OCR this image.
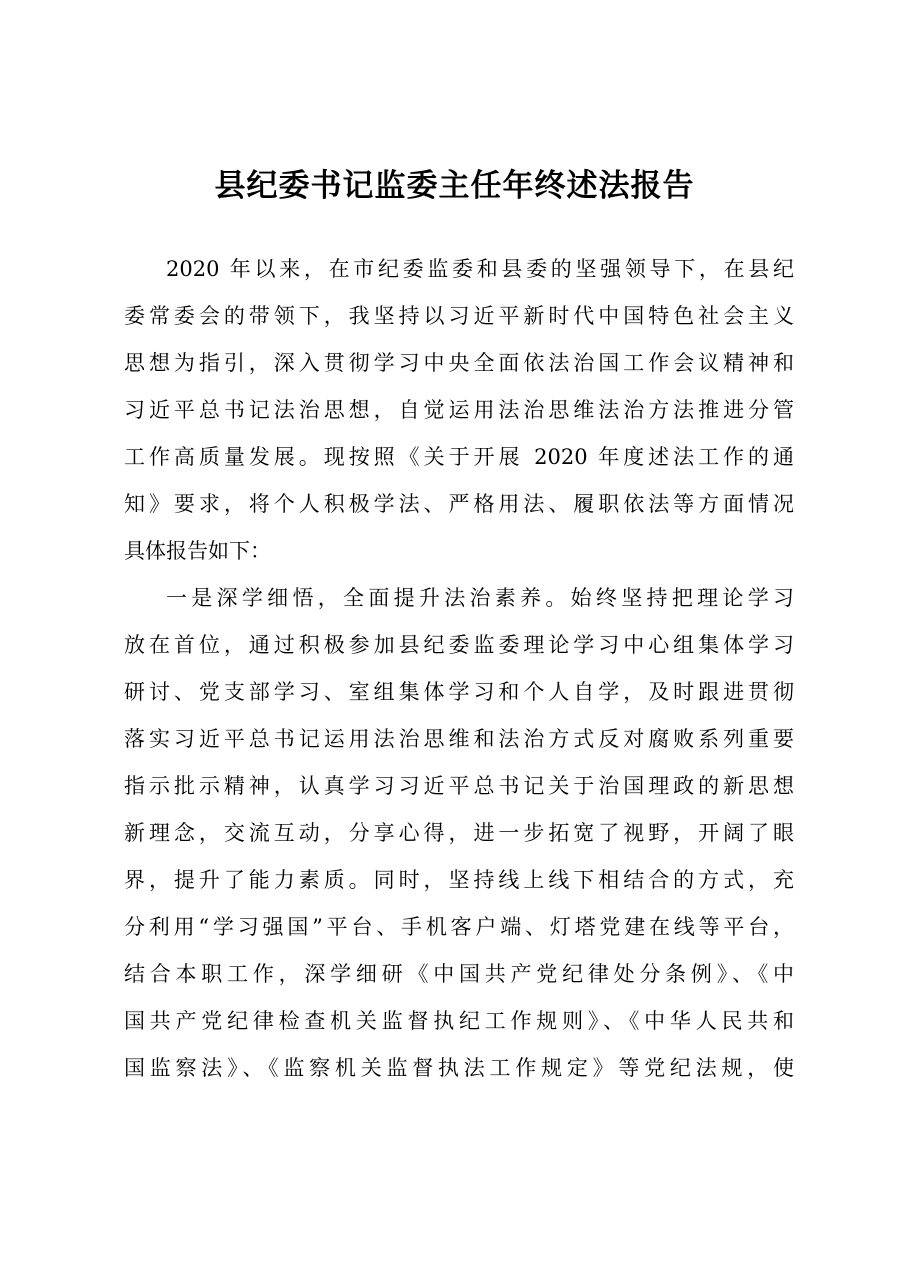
县纪委书记监委主任年终述法报告
2020 年以来，在市纪委监委和县委的坚强领导下，在县纪
委常委会的带领下，我坚持以习近平新时代中国特色社会主义
思想为指引，深入贯彻学习中央全面依法治国工作会议精神和
习近平总书记法治思想，自觉运用法治思维法治方法推进分管
工作高质量发展。现按照《关于开展 2020 年度述法工作的通
知》要求，将个人积极学法、严格用法、履职依法等方面情况
具体报告如下：
一是深学细悟，全面提升法治素养。始终坚持把理论学习
放在首位，通过积极参加县纪委监委理论学习中心组集体学习
研讨、党支部学习、室组集体学习和个人自学，及时跟进贯彻
落实习近平总书记运用法治思维和法治方式反对腐败系列重要
指示批示精神，认真学习习近平总书记关于治国理政的新思想
新理念，交流互动，分享心得，进一步拓宽了视野，开阔了眼
界，提升了能力素质。同时，坚持线上线下相结合的方式，充
分利用“学习强国”平台、手机客户端、灯塔党建在线等平台，
结合本职工作，深学细研《中国共产党纪律处分条例》、《中
国共产党纪律检查机关监督执纪工作规则》、《中华人民共和
国监察法》、《监察机关监督执法工作规定》等党纪法规，使
